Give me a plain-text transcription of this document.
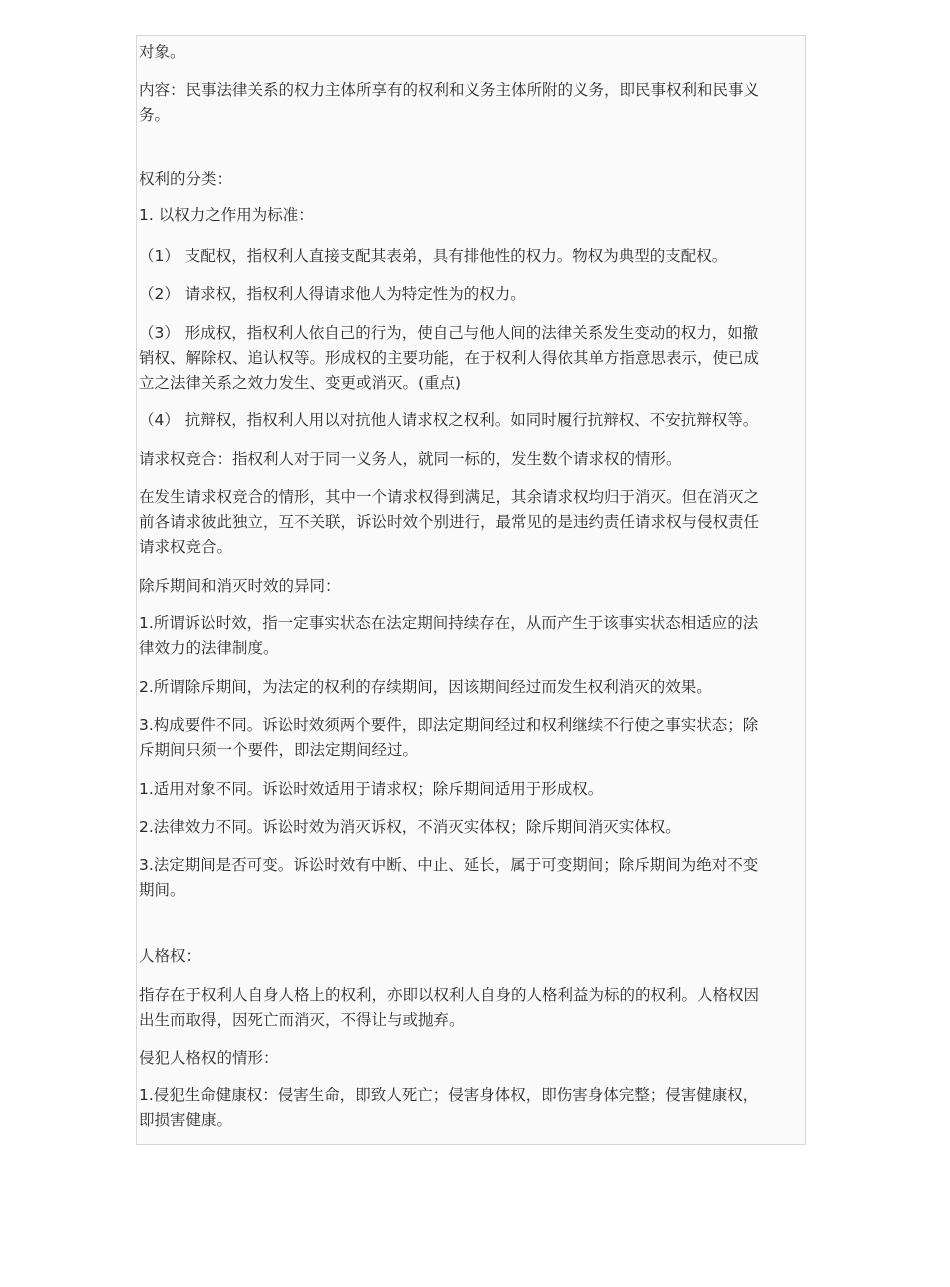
对象。

内容：民事法律关系的权力主体所享有的权利和义务主体所附的义务，即民事权利和民事义
务。

权利的分类：

1. 以权力之作用为标准：

（1） 支配权，指权利人直接支配其表弟，具有排他性的权力。物权为典型的支配权。

（2） 请求权，指权利人得请求他人为特定性为的权力。

（3） 形成权，指权利人依自己的行为，使自己与他人间的法律关系发生变动的权力，如撤
销权、解除权、追认权等。形成权的主要功能，在于权利人得依其单方指意思表示，使已成
立之法律关系之效力发生、变更或消灭。(重点)

（4） 抗辩权，指权利人用以对抗他人请求权之权利。如同时履行抗辩权、不安抗辩权等。

请求权竞合：指权利人对于同一义务人，就同一标的，发生数个请求权的情形。

在发生请求权竞合的情形，其中一个请求权得到满足，其余请求权均归于消灭。但在消灭之
前各请求彼此独立，互不关联，诉讼时效个别进行，最常见的是违约责任请求权与侵权责任
请求权竞合。

除斥期间和消灭时效的异同：

1.所谓诉讼时效，指一定事实状态在法定期间持续存在，从而产生于该事实状态相适应的法
律效力的法律制度。

2.所谓除斥期间，为法定的权利的存续期间，因该期间经过而发生权利消灭的效果。

3.构成要件不同。诉讼时效须两个要件，即法定期间经过和权利继续不行使之事实状态；除
斥期间只须一个要件，即法定期间经过。

1.适用对象不同。诉讼时效适用于请求权；除斥期间适用于形成权。

2.法律效力不同。诉讼时效为消灭诉权，不消灭实体权；除斥期间消灭实体权。

3.法定期间是否可变。诉讼时效有中断、中止、延长，属于可变期间；除斥期间为绝对不变
期间。

人格权：

指存在于权利人自身人格上的权利，亦即以权利人自身的人格利益为标的的权利。人格权因
出生而取得，因死亡而消灭，不得让与或抛弃。

侵犯人格权的情形：

1.侵犯生命健康权：侵害生命，即致人死亡；侵害身体权，即伤害身体完整；侵害健康权，
即损害健康。
